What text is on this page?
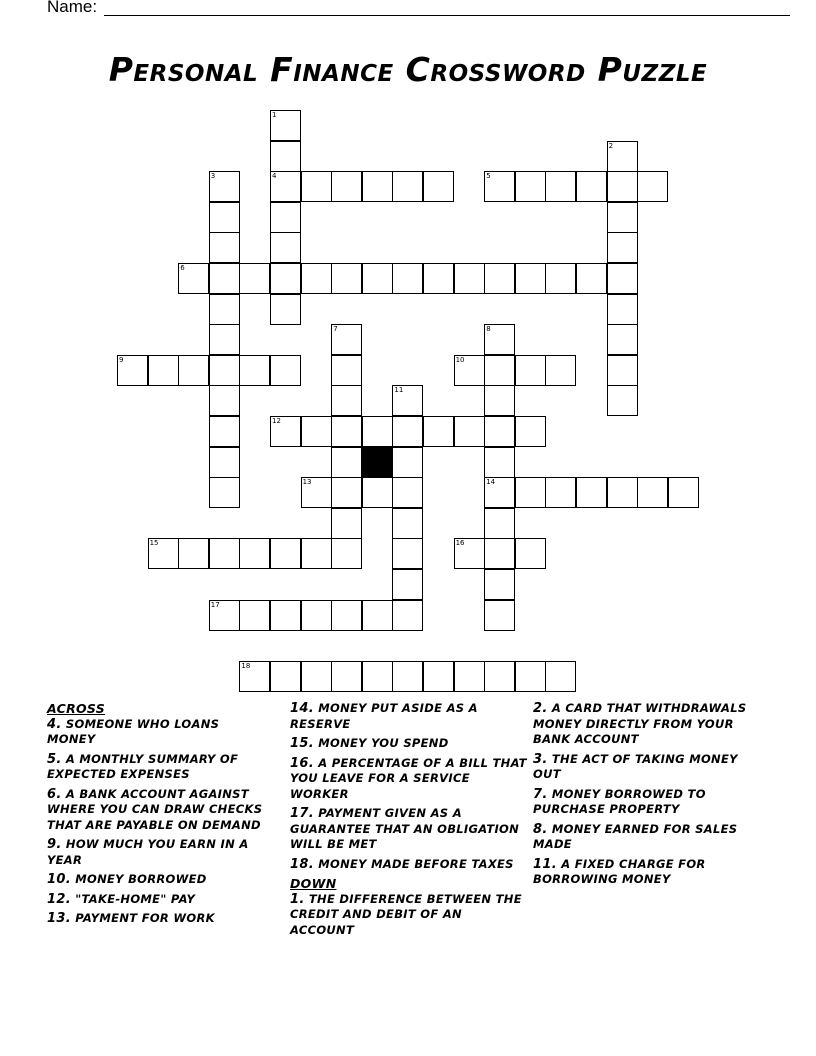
Name:
Personal Finance Crossword Puzzle
1
4
2
3	5
6
7	8
14
9	10
11
12
13
15	16
17
18
ACROSS
4. SOMEONE WHO LOANS MONEY
5. A MONTHLY SUMMARY OF EXPECTED EXPENSES
6. A BANK ACCOUNT AGAINST WHERE YOU CAN DRAW CHECKS THAT ARE PAYABLE ON DEMAND
9. HOW MUCH YOU EARN IN A YEAR
10. MONEY BORROWED
12. "TAKE-HOME" PAY
13. PAYMENT FOR WORK
14. MONEY PUT ASIDE AS A RESERVE
15. MONEY YOU SPEND
16. A PERCENTAGE OF A BILL THAT YOU LEAVE FOR A SERVICE WORKER
17. PAYMENT GIVEN AS A GUARANTEE THAT AN OBLIGATION WILL BE MET
18. MONEY MADE BEFORE TAXES
DOWN
1. THE DIFFERENCE BETWEEN THE CREDIT AND DEBIT OF AN ACCOUNT
2. A CARD THAT WITHDRAWALS MONEY DIRECTLY FROM YOUR BANK ACCOUNT
3. THE ACT OF TAKING MONEY OUT
7. MONEY BORROWED TO PURCHASE PROPERTY
8. MONEY EARNED FOR SALES MADE
11. A FIXED CHARGE FOR BORROWING MONEY
